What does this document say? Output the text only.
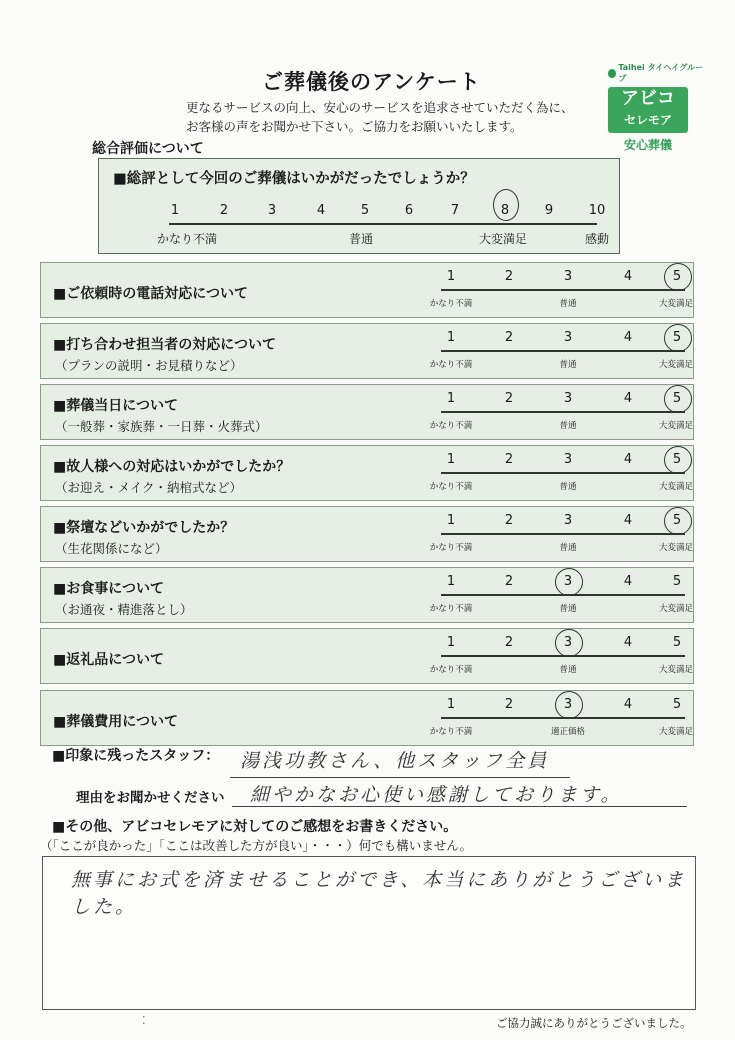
ご葬儀後のアンケート
更なるサービスの向上、安心のサービスを追求させていただく為に、
お客様の声をお聞かせ下さい。ご協力をお願いいたします。
Taihei タイヘイグループ
アビコ
セレモア
安心葬儀
総合評価について
■総評として今回のご葬儀はいかがだったでしょうか？
1	2	3	4	5	6	7	8	9	10
かなり不満	普通	大変満足	感動
■ご依頼時の電話対応について
1	2	3	4	5
かなり不満	普通	大変満足
■打ち合わせ担当者の対応について
（プランの説明・お見積りなど）
1	2	3	4	5
かなり不満	普通	大変満足
■葬儀当日について
（一般葬・家族葬・一日葬・火葬式）
1	2	3	4	5
かなり不満	普通	大変満足
■故人様への対応はいかがでしたか？
（お迎え・メイク・納棺式など）
1	2	3	4	5
かなり不満	普通	大変満足
■祭壇などいかがでしたか？
（生花関係になど）
1	2	3	4	5
かなり不満	普通	大変満足
■お食事について
（お通夜・精進落とし）
1	2	3	4	5
かなり不満	普通	大変満足
■返礼品について
1	2	3	4	5
かなり不満	普通	大変満足
■葬儀費用について
1	2	3	4	5
かなり不満	適正価格	大変満足
■印象に残ったスタッフ： 湯浅功教さん、他スタッフ全員
理由をお聞かせください 細やかなお心使い感謝しております。
■その他、アビコセレモアに対してのご感想をお書きください。
（「ここが良かった」「ここは改善した方が良い」・・・）何でも構いません。
無事にお式を済ませることができ、本当にありがとうございました。
⁚	ご協力誠にありがとうございました。
